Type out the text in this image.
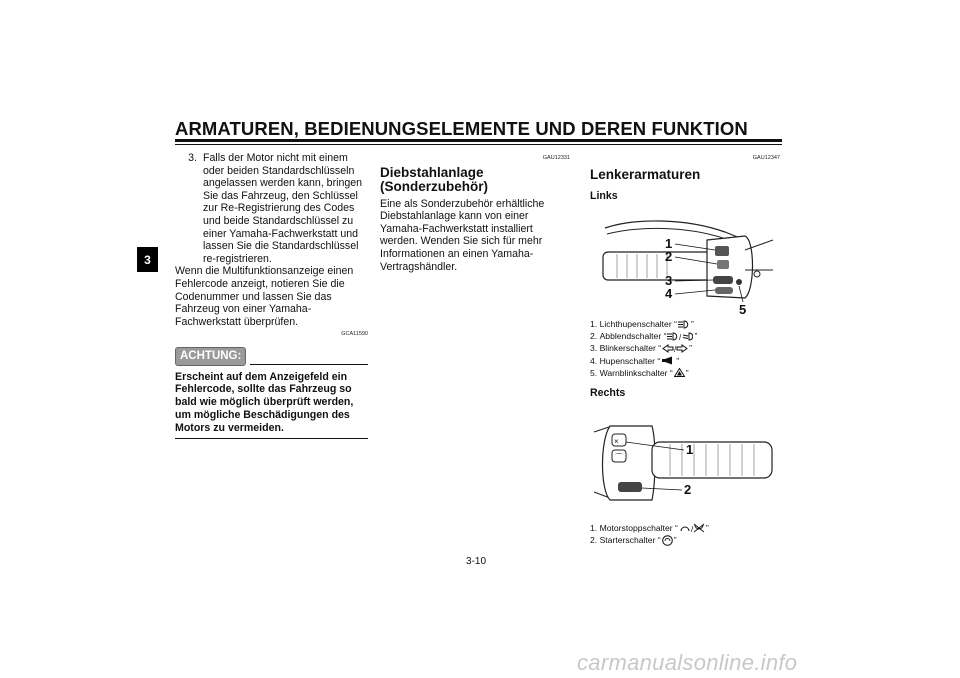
ARMATUREN, BEDIENUNGSELEMENTE UND DEREN FUNKTION
3
3. Falls der Motor nicht mit einem oder beiden Standardschlüsseln angelassen werden kann, bringen Sie das Fahrzeug, den Schlüssel zur Re-Registrierung des Codes und beide Standardschlüssel zu einer Yamaha-Fachwerkstatt und lassen Sie die Standardschlüssel re-registrieren.
Wenn die Multifunktionsanzeige einen Fehlercode anzeigt, notieren Sie die Codenummer und lassen Sie das Fahrzeug von einer Yamaha-Fachwerkstatt überprüfen.
GCA11590
ACHTUNG:
Erscheint auf dem Anzeigefeld ein Fehlercode, sollte das Fahrzeug so bald wie möglich überprüft werden, um mögliche Beschädigungen des Motors zu vermeiden.
GAU12331
Diebstahlanlage (Sonderzubehör)
Eine als Sonderzubehör erhältliche Diebstahlanlage kann von einer Yamaha-Fachwerkstatt installiert werden. Wenden Sie sich für mehr Informationen an einen Yamaha-Vertragshändler.
GAU12347
Lenkerarmaturen
Links
1
2
3
4
5
1.
Lichthupenschalter “ ”
2.
Abblendschalter “ / ”
3.
Blinkerschalter “ / ”
4.
Hupenschalter “ ”
5.
Warnblinkschalter “ ”
Rechts
×
⌒
1
2
1.
Motorstoppschalter “ / ”
2.
Starterschalter “ ”
3-10
carmanualsonline.info
